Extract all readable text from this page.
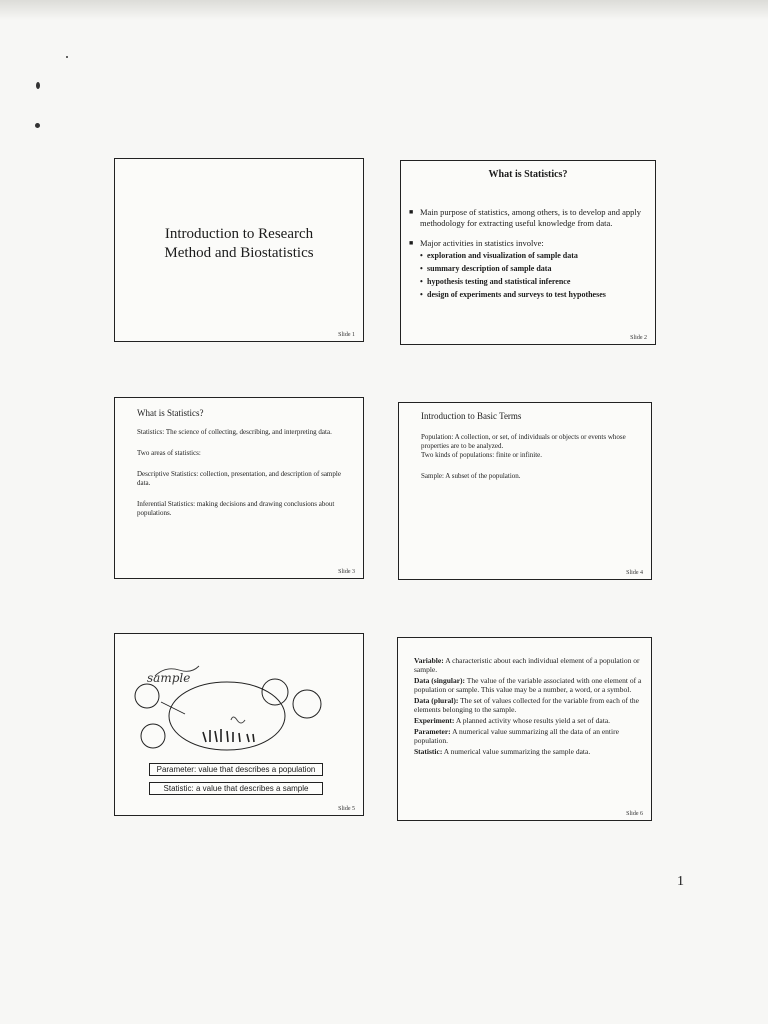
Introduction to Research
Method and Biostatistics
Slide 1
What is Statistics?
■ Main purpose of statistics, among others, is to develop and apply methodology for extracting useful knowledge from data.
■ Major activities in statistics involve:
• exploration and visualization of sample data
• summary description of sample data
• hypothesis testing and statistical inference
• design of experiments and surveys to test hypotheses
Slide 2
What is Statistics?

Statistics: The science of collecting, describing, and interpreting data.

Two areas of statistics:

Descriptive Statistics: collection, presentation, and description of sample data.

Inferential Statistics: making decisions and drawing conclusions about populations.

Slide 3
Introduction to Basic Terms

Population: A collection, or set, of individuals or objects or events whose properties are to be analyzed.

Two kinds of populations: finite or infinite.

Sample: A subset of the population.

Slide 4
sample
Parameter: value that describes a population
Statistic: a value that describes a sample
Slide 5

Variable: A characteristic about each individual element of a population or sample.

Data (singular): The value of the variable associated with one element of a population or sample. This value may be a number, a word, or a symbol.

Data (plural): The set of values collected for the variable from each of the elements belonging to the sample.

Experiment: A planned activity whose results yield a set of data.

Parameter: A numerical value summarizing all the data of an entire population.

Statistic: A numerical value summarizing the sample data.

Slide 6
1
